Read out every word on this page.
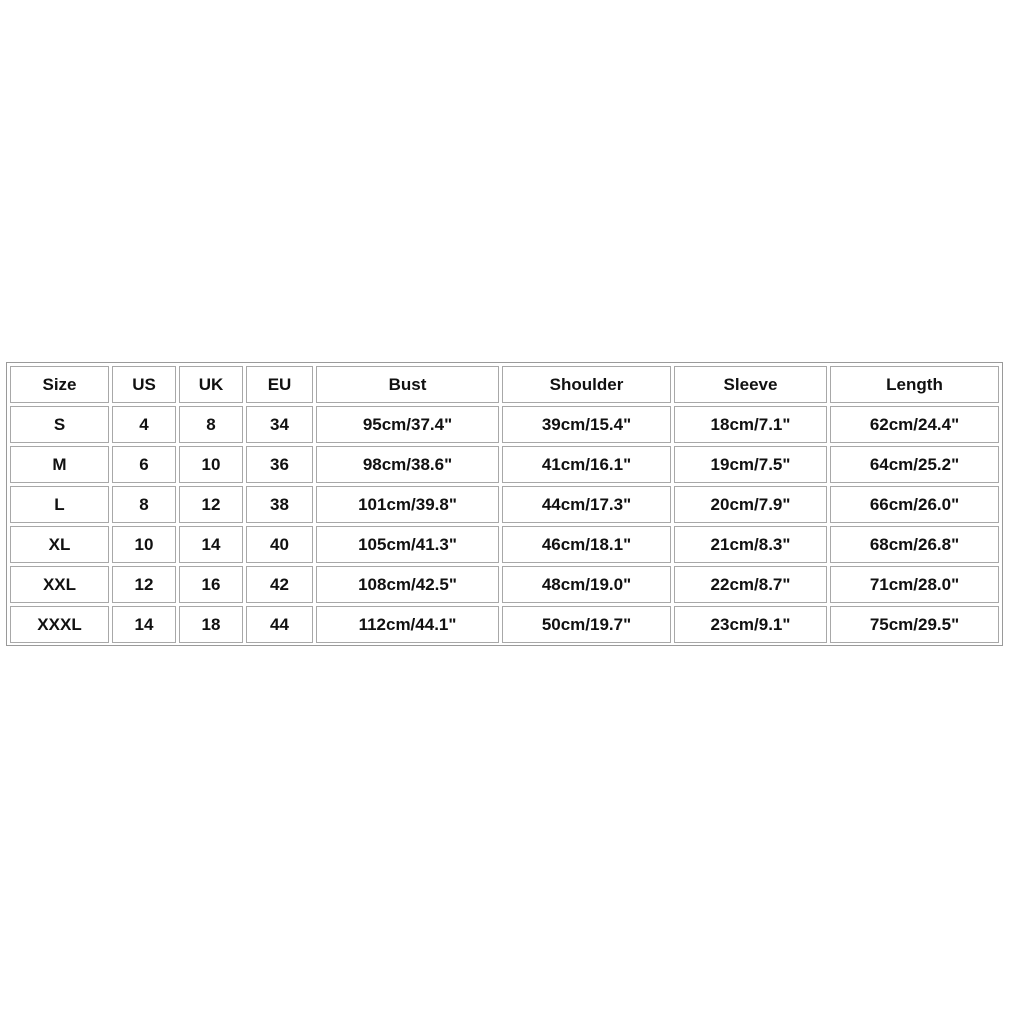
Size	US	UK	EU	Bust	Shoulder	Sleeve	Length
S	4	8	34	95cm/37.4"	39cm/15.4"	18cm/7.1"	62cm/24.4"
M	6	10	36	98cm/38.6"	41cm/16.1"	19cm/7.5"	64cm/25.2"
L	8	12	38	101cm/39.8"	44cm/17.3"	20cm/7.9"	66cm/26.0"
XL	10	14	40	105cm/41.3"	46cm/18.1"	21cm/8.3"	68cm/26.8"
XXL	12	16	42	108cm/42.5"	48cm/19.0"	22cm/8.7"	71cm/28.0"
XXXL	14	18	44	112cm/44.1"	50cm/19.7"	23cm/9.1"	75cm/29.5"
